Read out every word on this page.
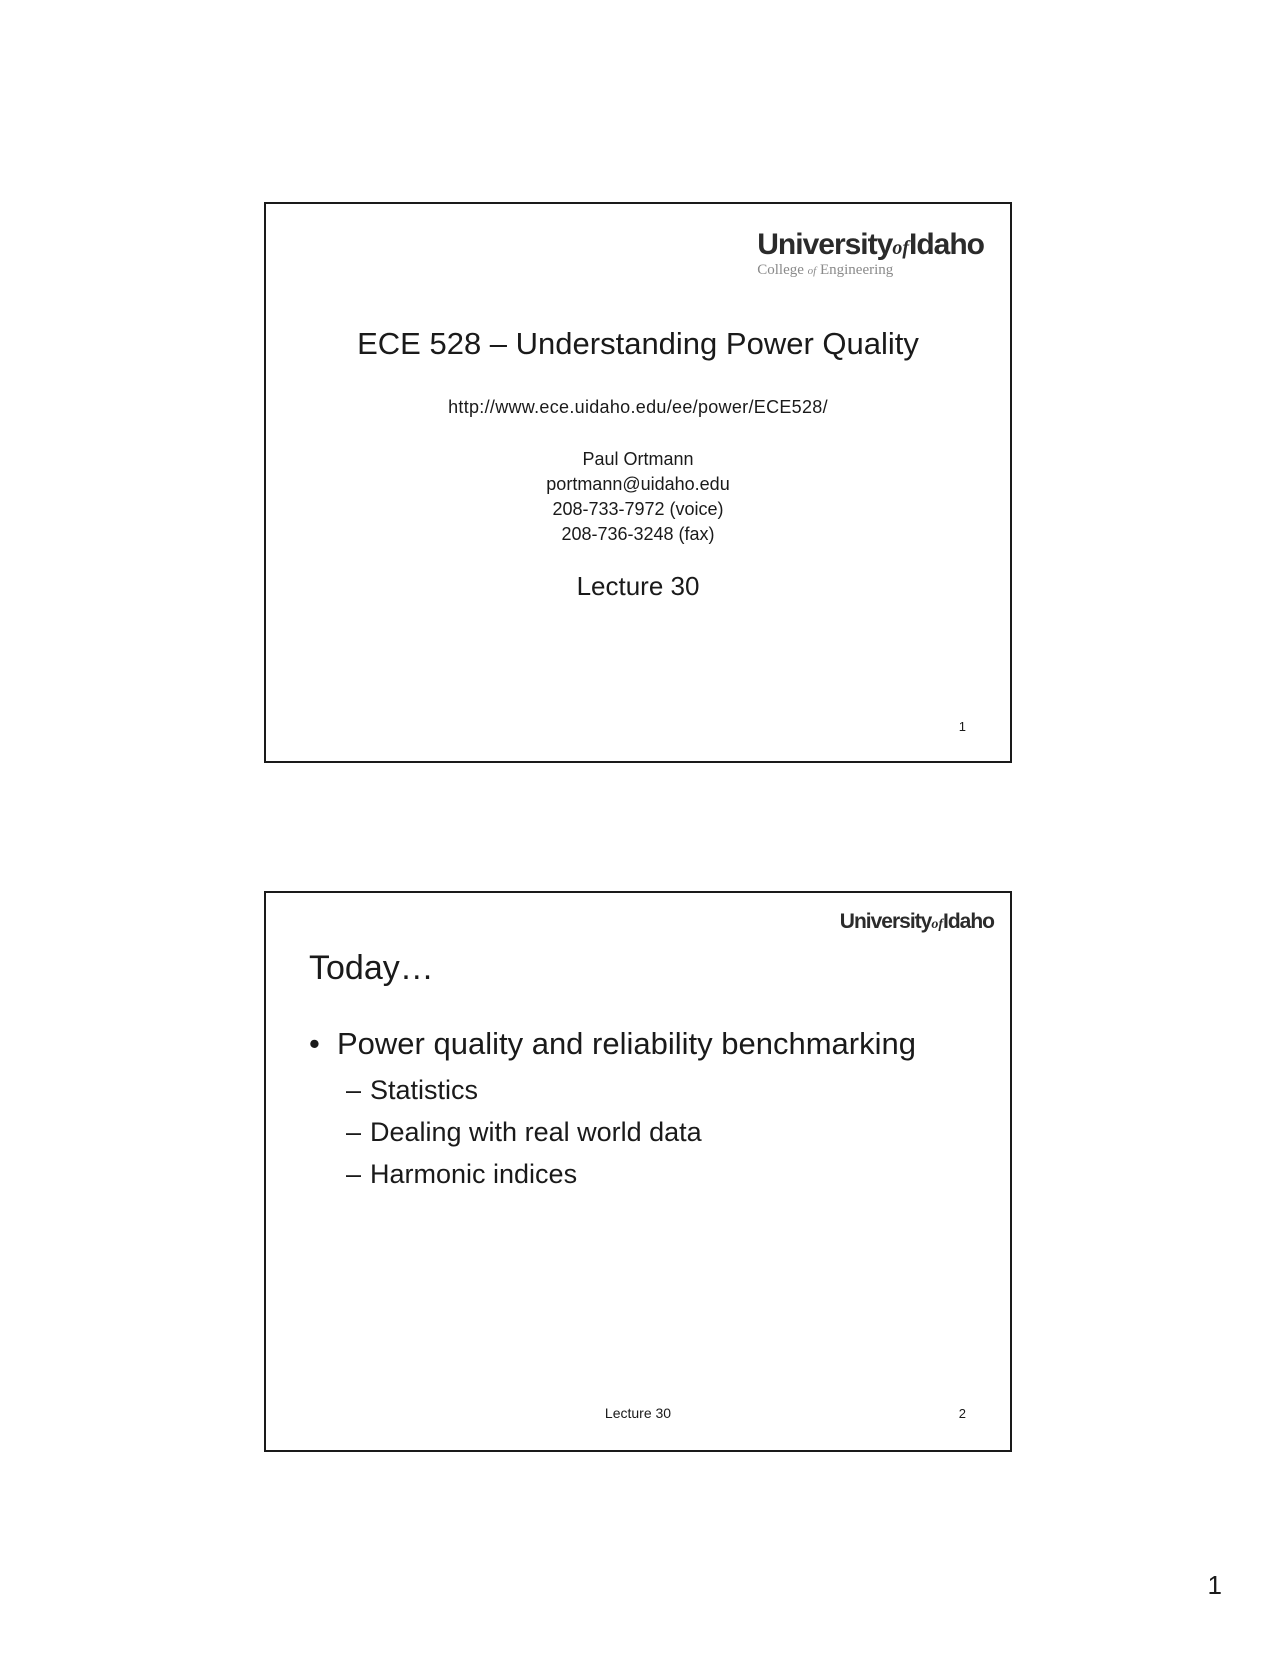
UniversityofIdaho
College of Engineering
ECE 528 – Understanding Power Quality
http://www.ece.uidaho.edu/ee/power/ECE528/
Paul Ortmann
portmann@uidaho.edu
208-733-7972 (voice)
208-736-3248 (fax)
Lecture 30
1
UniversityofIdaho
Today…
• Power quality and reliability benchmarking
– Statistics
– Dealing with real world data
– Harmonic indices
Lecture 30	2
1
